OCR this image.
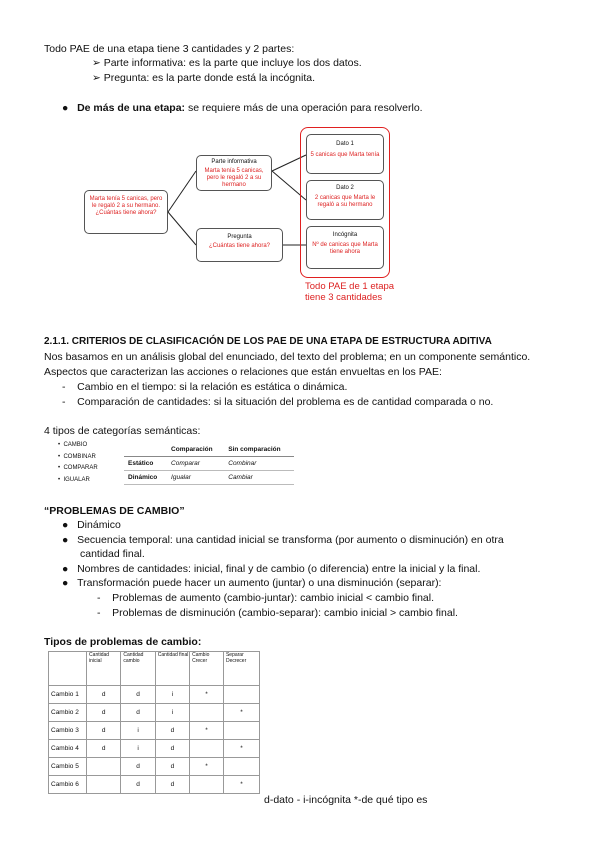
Todo PAE de una etapa tiene 3 cantidades y 2 partes:
➢ Parte informativa: es la parte que incluye los dos datos.
➢ Pregunta: es la parte donde está la incógnita.
●   De más de una etapa: se requiere más de una operación para resolverlo.
Marta tenía 5 canicas, pero le regaló 2 a su hermano. ¿Cuántas tiene ahora?
Parte informativa
Marta tenía 5 canicas, pero le regaló 2 a su hermano
Pregunta
¿Cuántas tiene ahora?
Dato 1
5 canicas que Marta tenía
Dato 2
2 canicas que Marta le regaló a su hermano
Incógnita
Nº de canicas que Marta tiene ahora
Todo PAE de 1 etapa tiene 3 cantidades
2.1.1. CRITERIOS DE CLASIFICACIÓN DE LOS PAE DE UNA ETAPA DE ESTRUCTURA ADITIVA
Nos basamos en un análisis global del enunciado, del texto del problema; en un componente semántico.
Aspectos que caracterizan las acciones o relaciones que están envueltas en los PAE:
-    Cambio en el tiempo: si la relación es estática o dinámica.
-    Comparación de cantidades: si la situación del problema es de cantidad comparada o no.
4 tipos de categorías semánticas:
•  CAMBIO
•  COMBINAR
•  COMPARAR
•  IGUALAR
	Comparación	Sin comparación
Estático	Comparar	Combinar
Dinámico	Igualar	Cambiar
“PROBLEMAS DE CAMBIO”
●   Dinámico
●   Secuencia temporal: una cantidad inicial se transforma (por aumento o disminución) en otra
cantidad final.
●   Nombres de cantidades: inicial, final y de cambio (o diferencia) entre la inicial y la final.
●   Transformación puede hacer un aumento (juntar) o una disminución (separar):
-    Problemas de aumento (cambio-juntar): cambio inicial < cambio final.
-    Problemas de disminución (cambio-separar): cambio inicial > cambio final.
Tipos de problemas de cambio:
	Cantidad inicial	Cantidad cambio	Cantidad final	Cambio Crecer	Separar Decrecer
Cambio 1	d	d	i	*	
Cambio 2	d	d	i		*
Cambio 3	d	i	d	*	
Cambio 4	d	i	d		*
Cambio 5		d	d	*	
Cambio 6		d	d		*
d-dato - i-incógnita *-de qué tipo es
